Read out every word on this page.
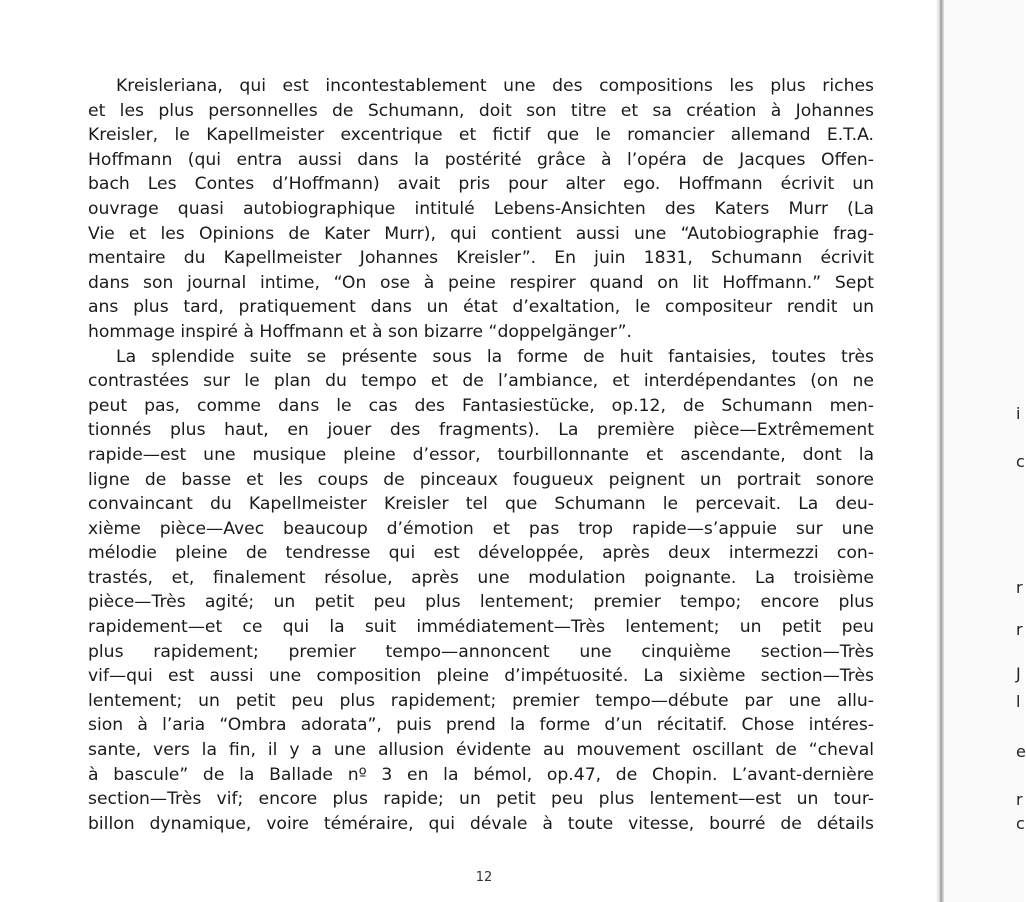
Kreisleriana, qui est incontestablement une des compositions les plus riches
et les plus personnelles de Schumann, doit son titre et sa création à Johannes
Kreisler, le Kapellmeister excentrique et fictif que le romancier allemand E.T.A.
Hoffmann (qui entra aussi dans la postérité grâce à l’opéra de Jacques Offen-
bach Les Contes d’Hoffmann) avait pris pour alter ego. Hoffmann écrivit un
ouvrage quasi autobiographique intitulé Lebens-Ansichten des Katers Murr (La
Vie et les Opinions de Kater Murr), qui contient aussi une “Autobiographie frag-
mentaire du Kapellmeister Johannes Kreisler”. En juin 1831, Schumann écrivit
dans son journal intime, “On ose à peine respirer quand on lit Hoffmann.” Sept
ans plus tard, pratiquement dans un état d’exaltation, le compositeur rendit un
hommage inspiré à Hoffmann et à son bizarre “doppelgänger”.
La splendide suite se présente sous la forme de huit fantaisies, toutes très
contrastées sur le plan du tempo et de l’ambiance, et interdépendantes (on ne
peut pas, comme dans le cas des Fantasiestücke, op.12, de Schumann men-
tionnés plus haut, en jouer des fragments). La première pièce—Extrêmement
rapide—est une musique pleine d’essor, tourbillonnante et ascendante, dont la
ligne de basse et les coups de pinceaux fougueux peignent un portrait sonore
convaincant du Kapellmeister Kreisler tel que Schumann le percevait. La deu-
xième pièce—Avec beaucoup d’émotion et pas trop rapide—s’appuie sur une
mélodie pleine de tendresse qui est développée, après deux intermezzi con-
trastés, et, finalement résolue, après une modulation poignante. La troisième
pièce—Très agité; un petit peu plus lentement; premier tempo; encore plus
rapidement—et ce qui la suit immédiatement—Très lentement; un petit peu
plus rapidement; premier tempo—annoncent une cinquième section—Très
vif—qui est aussi une composition pleine d’impétuosité. La sixième section—Très
lentement; un petit peu plus rapidement; premier tempo—débute par une allu-
sion à l’aria “Ombra adorata”, puis prend la forme d’un récitatif. Chose intéres-
sante, vers la fin, il y a une allusion évidente au mouvement oscillant de “cheval
à bascule” de la Ballade nº 3 en la bémol, op.47, de Chopin. L’avant-dernière
section—Très vif; encore plus rapide; un petit peu plus lentement—est un tour-
billon dynamique, voire téméraire, qui dévale à toute vitesse, bourré de détails
12
i
c
r
r
J
l
e
r
c
